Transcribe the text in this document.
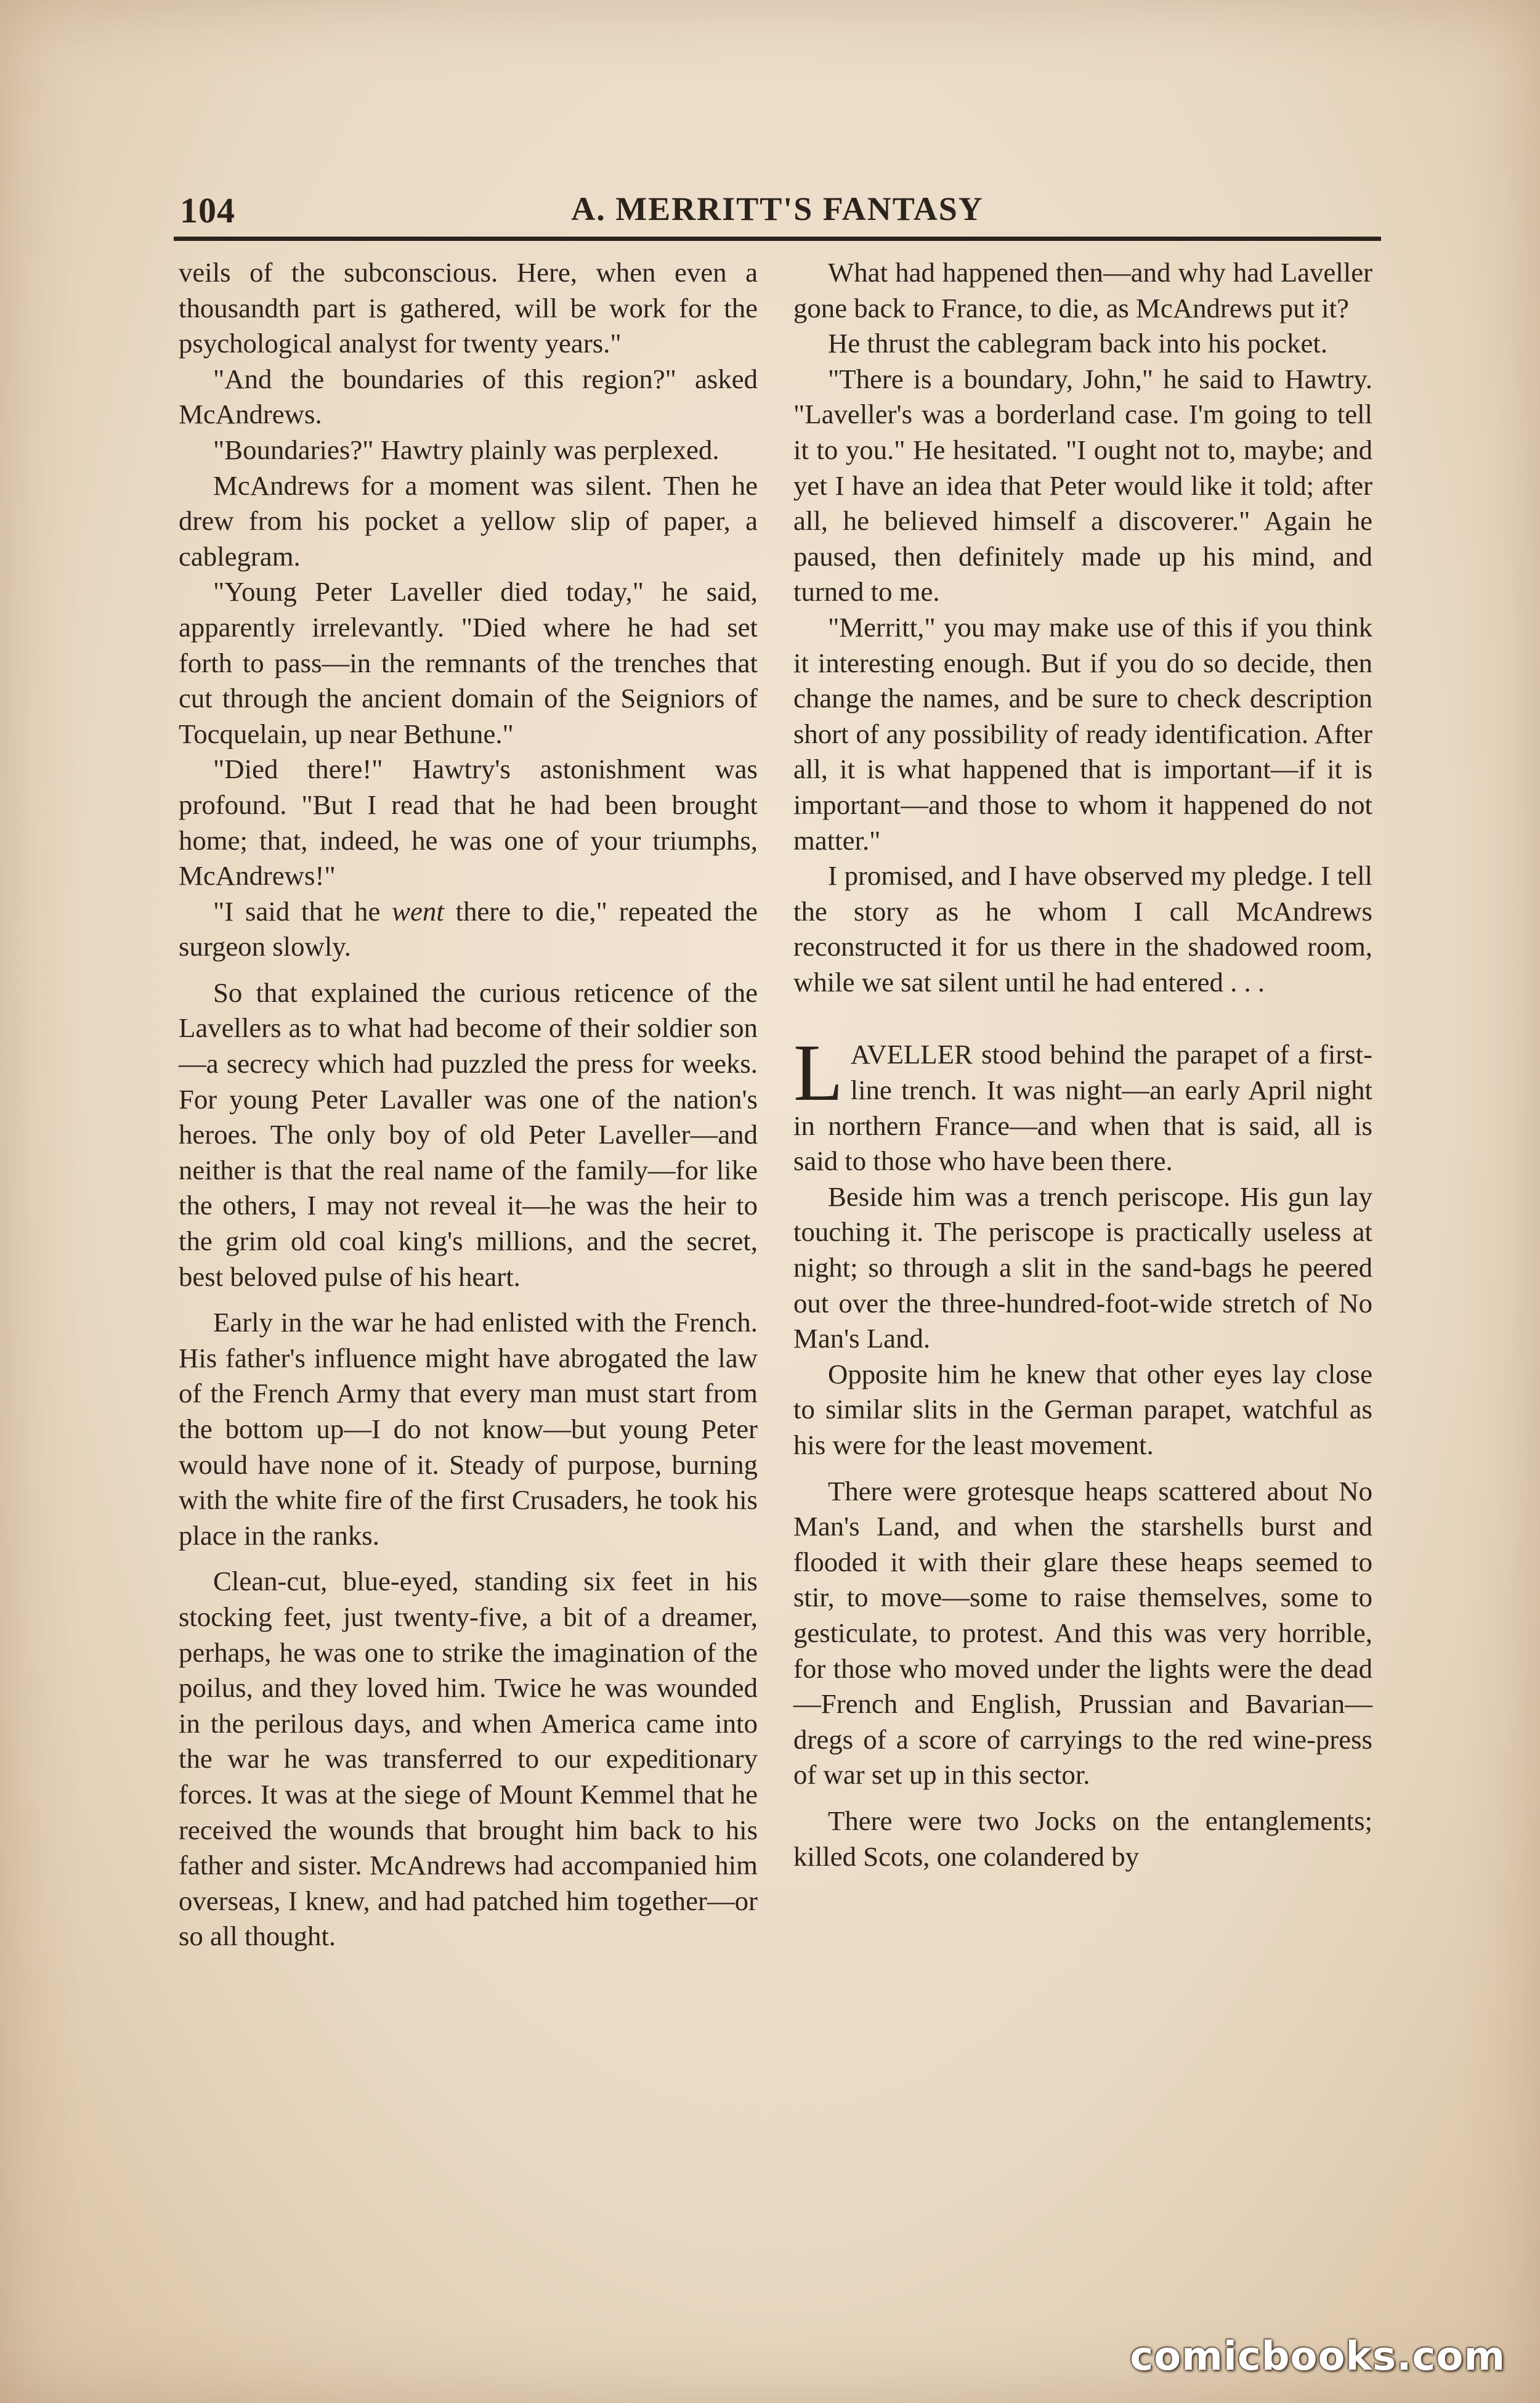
104	A. MERRITT'S FANTASY

veils of the subconscious. Here, when even a thousandth part is gathered, will be work for the psychological analyst for twenty years."

"And the boundaries of this region?" asked McAndrews.

"Boundaries?" Hawtry plainly was perplexed.

McAndrews for a moment was silent. Then he drew from his pocket a yellow slip of paper, a cablegram.

"Young Peter Laveller died today," he said, apparently irrelevantly. "Died where he had set forth to pass—in the remnants of the trenches that cut through the ancient domain of the Seigniors of Tocquelain, up near Bethune."

"Died there!" Hawtry's astonishment was profound. "But I read that he had been brought home; that, indeed, he was one of your triumphs, McAndrews!"

"I said that he went there to die," repeated the surgeon slowly.

So that explained the curious reticence of the Lavellers as to what had become of their soldier son—a secrecy which had puzzled the press for weeks. For young Peter Lavaller was one of the nation's heroes. The only boy of old Peter Laveller—and neither is that the real name of the family—for like the others, I may not reveal it—he was the heir to the grim old coal king's millions, and the secret, best beloved pulse of his heart.

Early in the war he had enlisted with the French. His father's influence might have abrogated the law of the French Army that every man must start from the bottom up—I do not know—but young Peter would have none of it. Steady of purpose, burning with the white fire of the first Crusaders, he took his place in the ranks.

Clean-cut, blue-eyed, standing six feet in his stocking feet, just twenty-five, a bit of a dreamer, perhaps, he was one to strike the imagination of the poilus, and they loved him. Twice he was wounded in the perilous days, and when America came into the war he was transferred to our expeditionary forces. It was at the siege of Mount Kemmel that he received the wounds that brought him back to his father and sister. McAndrews had accompanied him overseas, I knew, and had patched him together—or so all thought.

What had happened then—and why had Laveller gone back to France, to die, as McAndrews put it?

He thrust the cablegram back into his pocket.

"There is a boundary, John," he said to Hawtry. "Laveller's was a borderland case. I'm going to tell it to you." He hesitated. "I ought not to, maybe; and yet I have an idea that Peter would like it told; after all, he believed himself a discoverer." Again he paused, then definitely made up his mind, and turned to me.

"Merritt," you may make use of this if you think it interesting enough. But if you do so decide, then change the names, and be sure to check description short of any possibility of ready identification. After all, it is what happened that is important—if it is important—and those to whom it happened do not matter."

I promised, and I have observed my pledge. I tell the story as he whom I call McAndrews reconstructed it for us there in the shadowed room, while we sat silent until he had entered . . .

LAVELLER stood behind the parapet of a first-line trench. It was night—an early April night in northern France—and when that is said, all is said to those who have been there.

Beside him was a trench periscope. His gun lay touching it. The periscope is practically useless at night; so through a slit in the sand-bags he peered out over the three-hundred-foot-wide stretch of No Man's Land.

Opposite him he knew that other eyes lay close to similar slits in the German parapet, watchful as his were for the least movement.

There were grotesque heaps scattered about No Man's Land, and when the starshells burst and flooded it with their glare these heaps seemed to stir, to move—some to raise themselves, some to gesticulate, to protest. And this was very horrible, for those who moved under the lights were the dead—French and English, Prussian and Bavarian—dregs of a score of carryings to the red wine-press of war set up in this sector.

There were two Jocks on the entanglements; killed Scots, one colandered by

comicbooks.com
